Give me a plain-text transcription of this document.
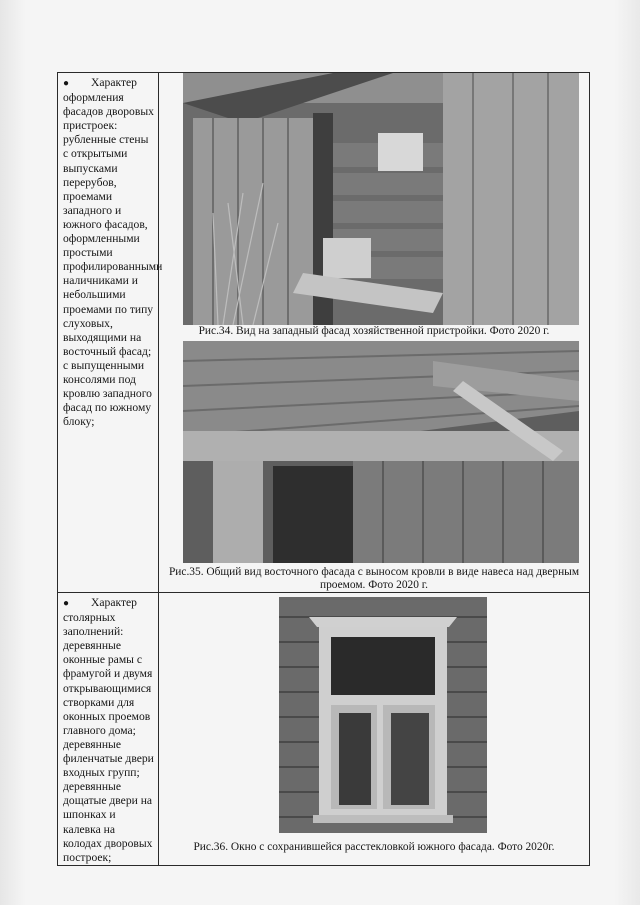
● Характер оформления фасадов дворовых пристроек: рубленные стены с открытыми выпусками перерубов, проемами западного и южного фасадов, оформленными простыми профилированными наличниками и небольшими проемами по типу слуховых, выходящими на восточный фасад; с выпущенными консолями под кровлю западного фасад по южному блоку;	Рис.34. Вид на западный фасад хозяйственной пристройки. Фото 2020 г.
Рис.35. Общий вид восточного фасада с выносом кровли в виде навеса над дверным проемом. Фото 2020 г.

● Характер столярных заполнений: деревянные оконные рамы с фрамугой и двумя открывающимися створками для оконных проемов главного дома; деревянные филенчатые двери входных групп; деревянные дощатые двери на шпонках и калевка на колодах дворовых построек;	Рис.36. Окно с сохранившейся расстекловкой южного фасада. Фото 2020г.
